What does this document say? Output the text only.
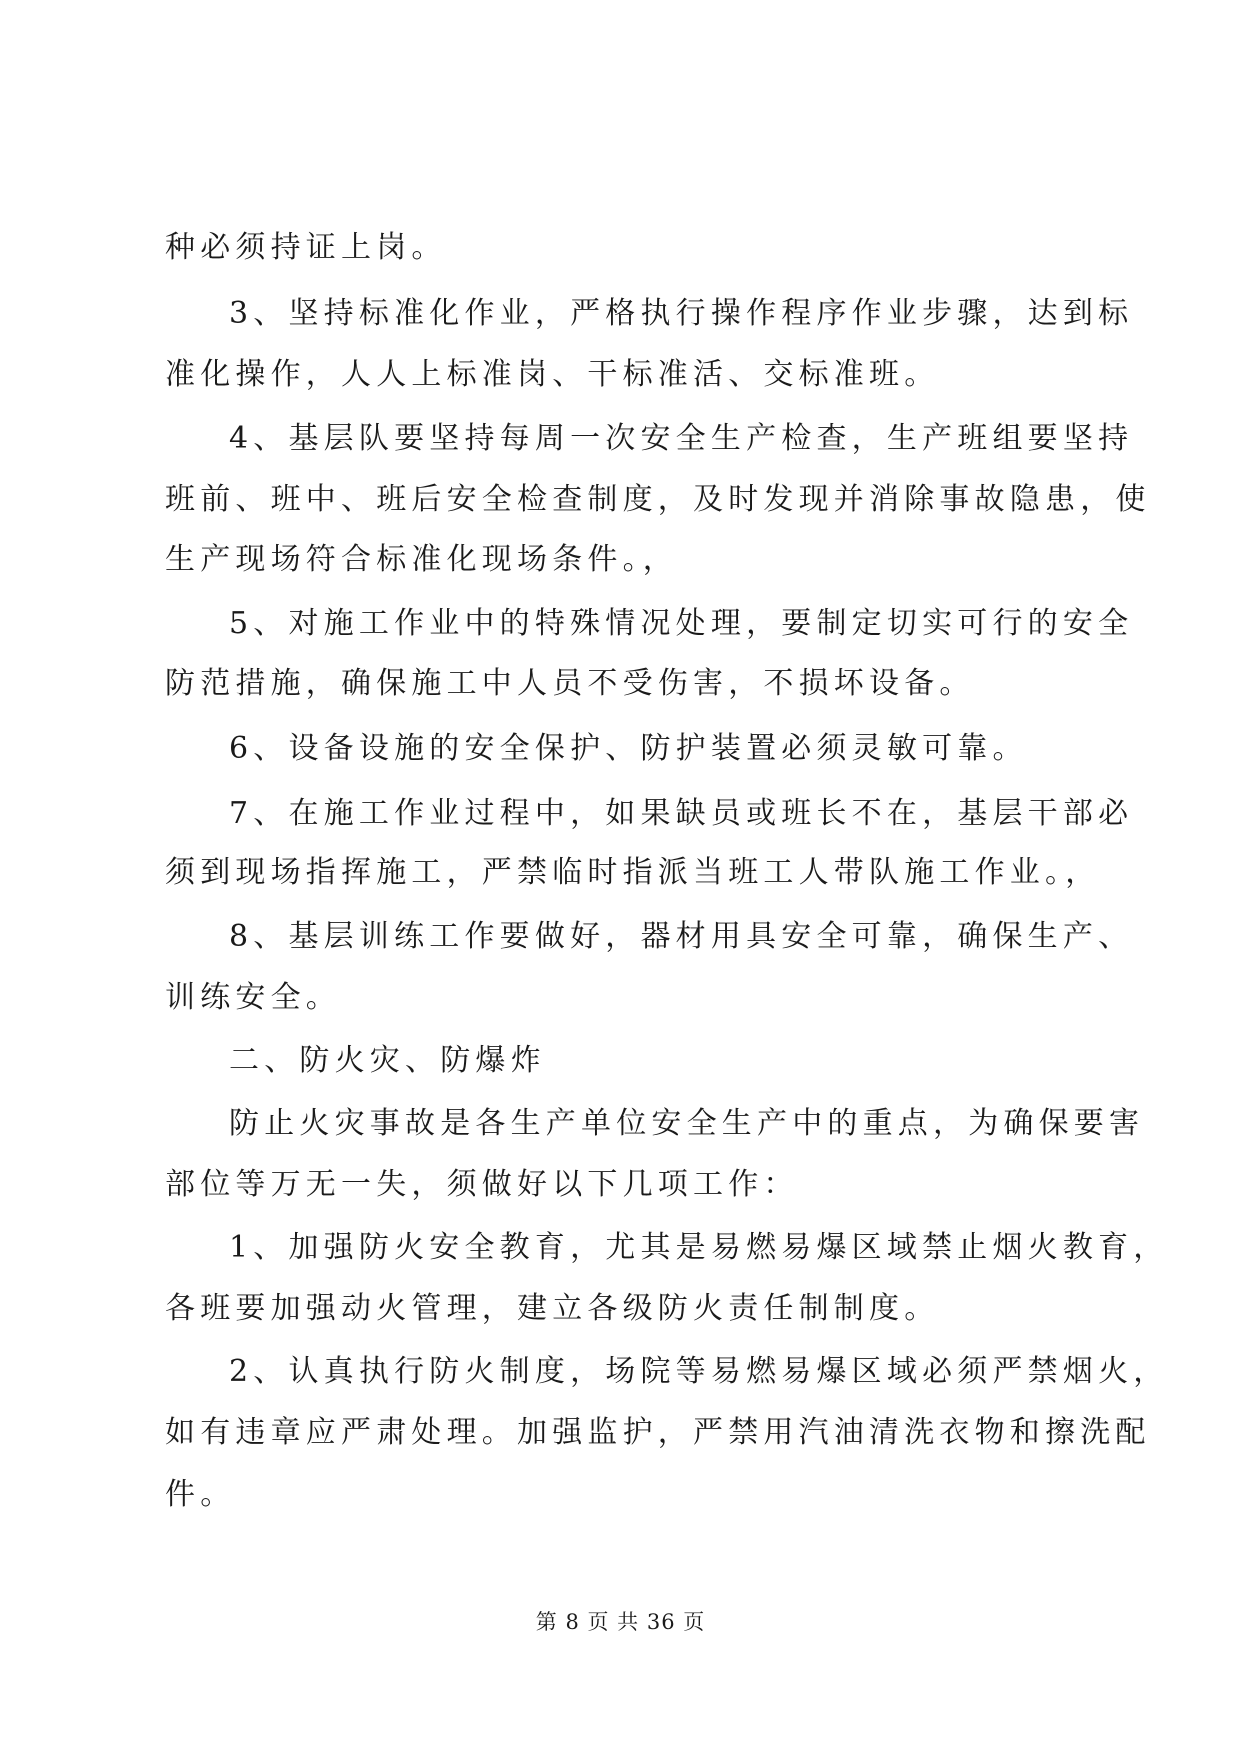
种必须持证上岗。
3、坚持标准化作业，严格执行操作程序作业步骤，达到标
准化操作，人人上标准岗、干标准活、交标准班。
4、基层队要坚持每周一次安全生产检查，生产班组要坚持
班前、班中、班后安全检查制度，及时发现并消除事故隐患，使
生产现场符合标准化现场条件。，
5、对施工作业中的特殊情况处理，要制定切实可行的安全
防范措施，确保施工中人员不受伤害，不损坏设备。
6、设备设施的安全保护、防护装置必须灵敏可靠。
7、在施工作业过程中，如果缺员或班长不在，基层干部必
须到现场指挥施工，严禁临时指派当班工人带队施工作业。，
8、基层训练工作要做好，器材用具安全可靠，确保生产、
训练安全。
二、防火灾、防爆炸
防止火灾事故是各生产单位安全生产中的重点，为确保要害
部位等万无一失，须做好以下几项工作：
1、加强防火安全教育，尤其是易燃易爆区域禁止烟火教育，
各班要加强动火管理，建立各级防火责任制制度。
2、认真执行防火制度，场院等易燃易爆区域必须严禁烟火，
如有违章应严肃处理。加强监护，严禁用汽油清洗衣物和擦洗配
件。
第 8 页 共 36 页
